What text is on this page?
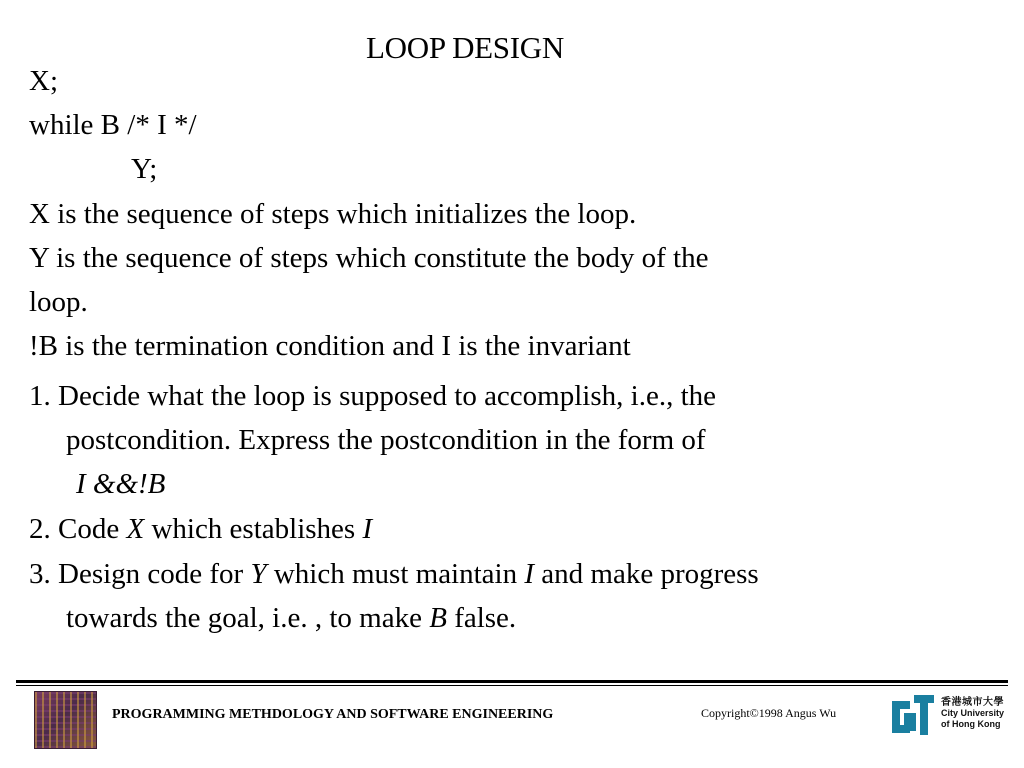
LOOP DESIGN
X;
while B /* I */
Y;
X is the sequence of steps which initializes the loop.
Y is the sequence of steps which constitute the body of the
loop.
!B is the termination condition and I is the invariant
1. Decide what the loop is supposed to accomplish, i.e., the
postcondition. Express the postcondition in the form of
I &&!B
2. Code X which establishes I
3. Design code for Y which must maintain I and make progress
towards the goal, i.e. , to make B false.
PROGRAMMING METHDOLOGY AND SOFTWARE ENGINEERING	Copyright©1998 Angus Wu
香港城市大學
City University
of Hong Kong
